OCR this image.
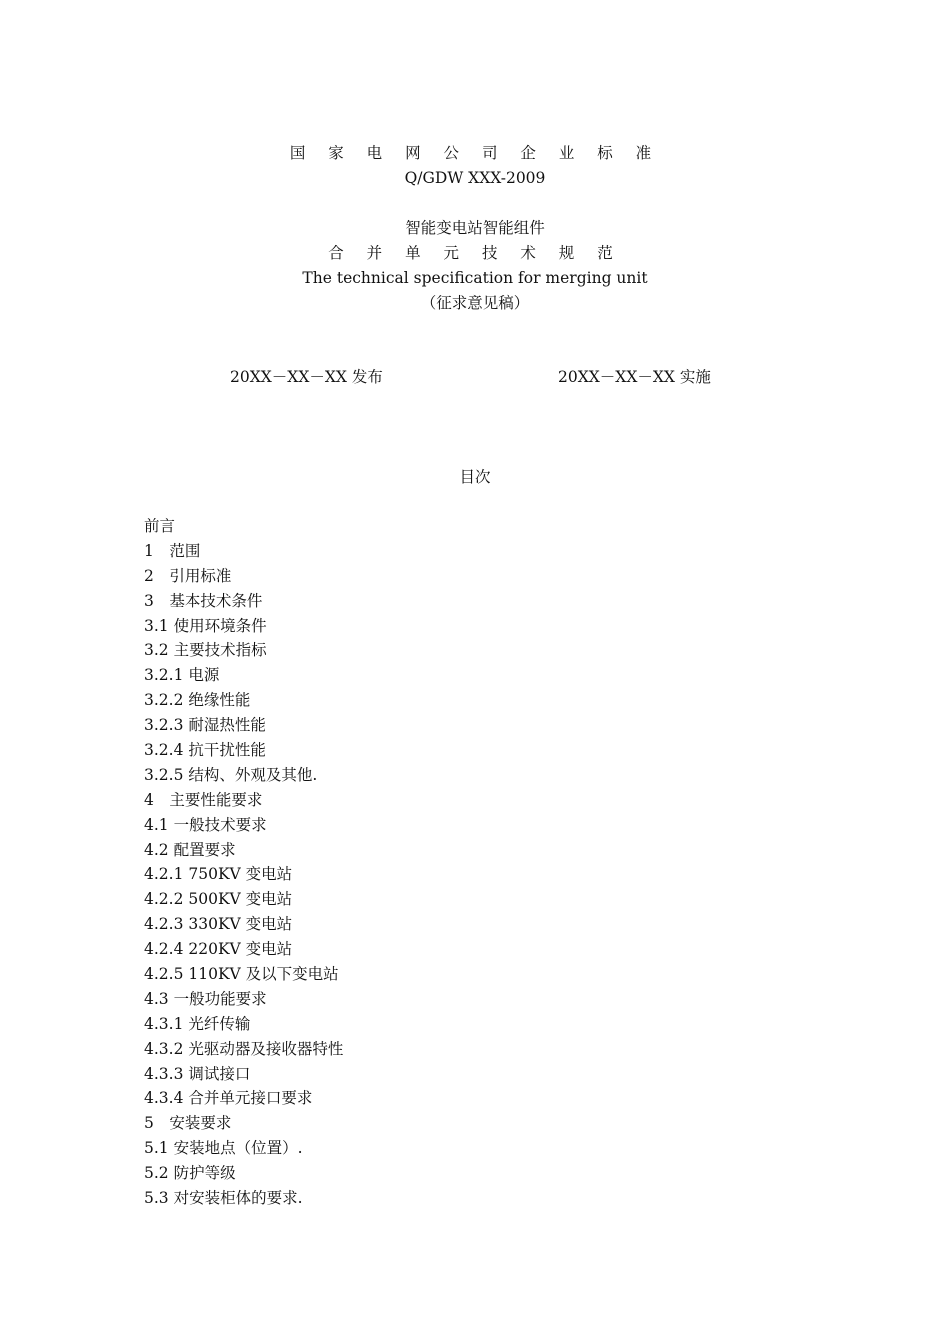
国 家 电 网 公 司 企 业 标 准
Q/GDW XXX-2009
智能变电站智能组件
合 并 单 元 技 术 规 范
The technical specification for merging unit
（征求意见稿）
20XX－XX－XX 发布	20XX－XX－XX 实施
目次
前言
1　范围
2　引用标准
3　基本技术条件
3.1 使用环境条件
3.2 主要技术指标
3.2.1 电源
3.2.2 绝缘性能
3.2.3 耐湿热性能
3.2.4 抗干扰性能
3.2.5 结构、外观及其他.
4　主要性能要求
4.1 一般技术要求
4.2 配置要求
4.2.1 750KV 变电站
4.2.2 500KV 变电站
4.2.3 330KV 变电站
4.2.4 220KV 变电站
4.2.5 110KV 及以下变电站
4.3 一般功能要求
4.3.1 光纤传输
4.3.2 光驱动器及接收器特性
4.3.3 调试接口
4.3.4 合并单元接口要求
5　安装要求
5.1 安装地点（位置）.
5.2 防护等级
5.3 对安装柜体的要求.
